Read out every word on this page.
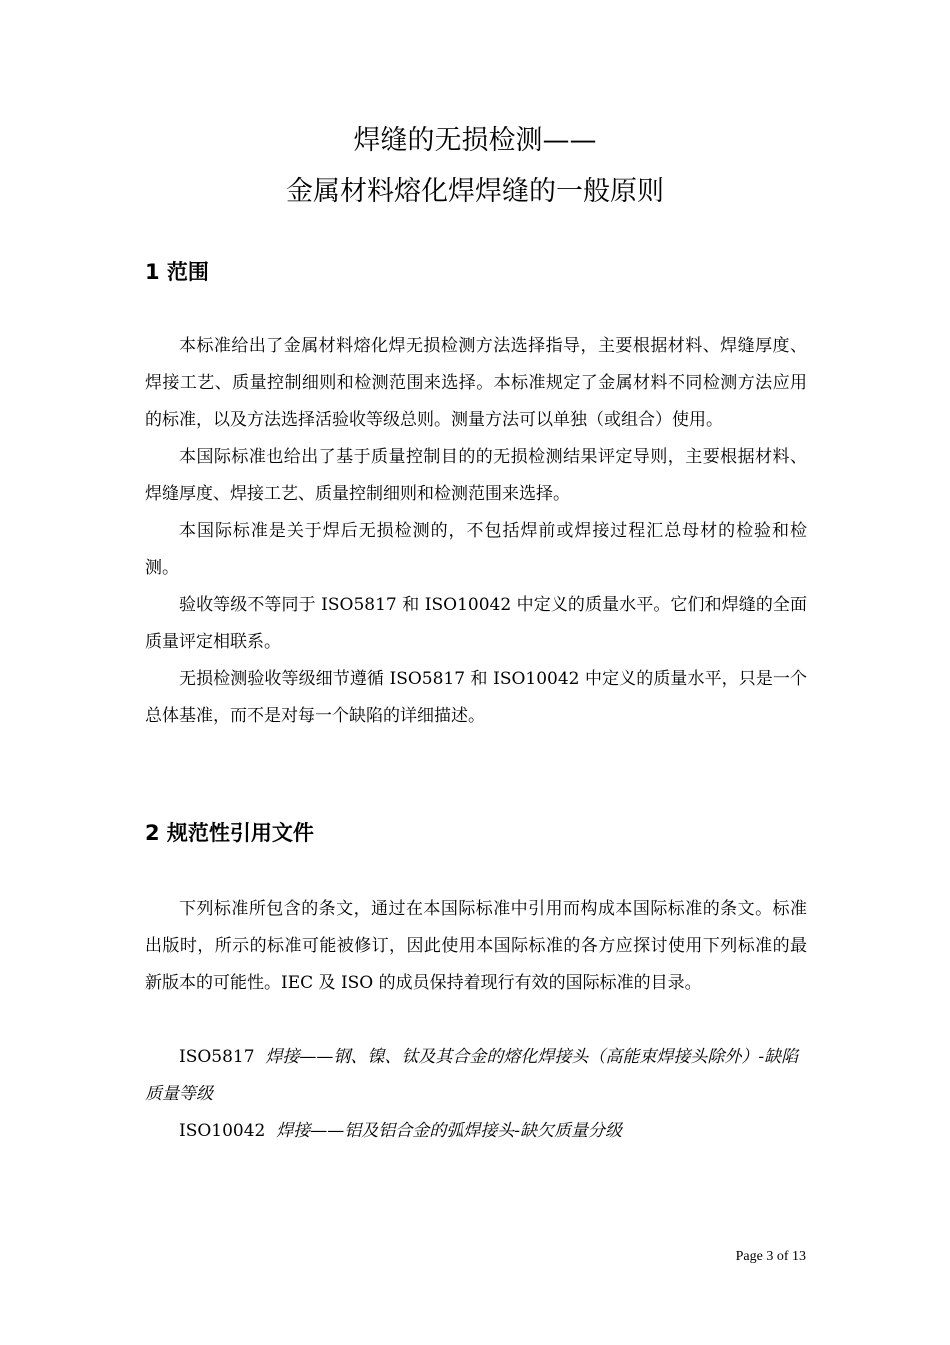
焊缝的无损检测——
金属材料熔化焊焊缝的一般原则
1 范围

本标准给出了金属材料熔化焊无损检测方法选择指导，主要根据材料、焊缝厚度、焊接工艺、质量控制细则和检测范围来选择。本标准规定了金属材料不同检测方法应用的标准，以及方法选择活验收等级总则。测量方法可以单独（或组合）使用。

本国际标准也给出了基于质量控制目的的无损检测结果评定导则，主要根据材料、焊缝厚度、焊接工艺、质量控制细则和检测范围来选择。

本国际标准是关于焊后无损检测的，不包括焊前或焊接过程汇总母材的检验和检测。

验收等级不等同于 ISO5817 和 ISO10042 中定义的质量水平。它们和焊缝的全面质量评定相联系。

无损检测验收等级细节遵循 ISO5817 和 ISO10042 中定义的质量水平，只是一个总体基准，而不是对每一个缺陷的详细描述。

2 规范性引用文件

下列标准所包含的条文，通过在本国际标准中引用而构成本国际标准的条文。标准出版时，所示的标准可能被修订，因此使用本国际标准的各方应探讨使用下列标准的最新版本的可能性。IEC 及 ISO 的成员保持着现行有效的国际标准的目录。

ISO5817 焊接——钢、镍、钛及其合金的熔化焊接头（高能束焊接头除外）-缺陷质量等级

ISO10042 焊接——铝及铝合金的弧焊接头-缺欠质量分级

Page 3 of 13
